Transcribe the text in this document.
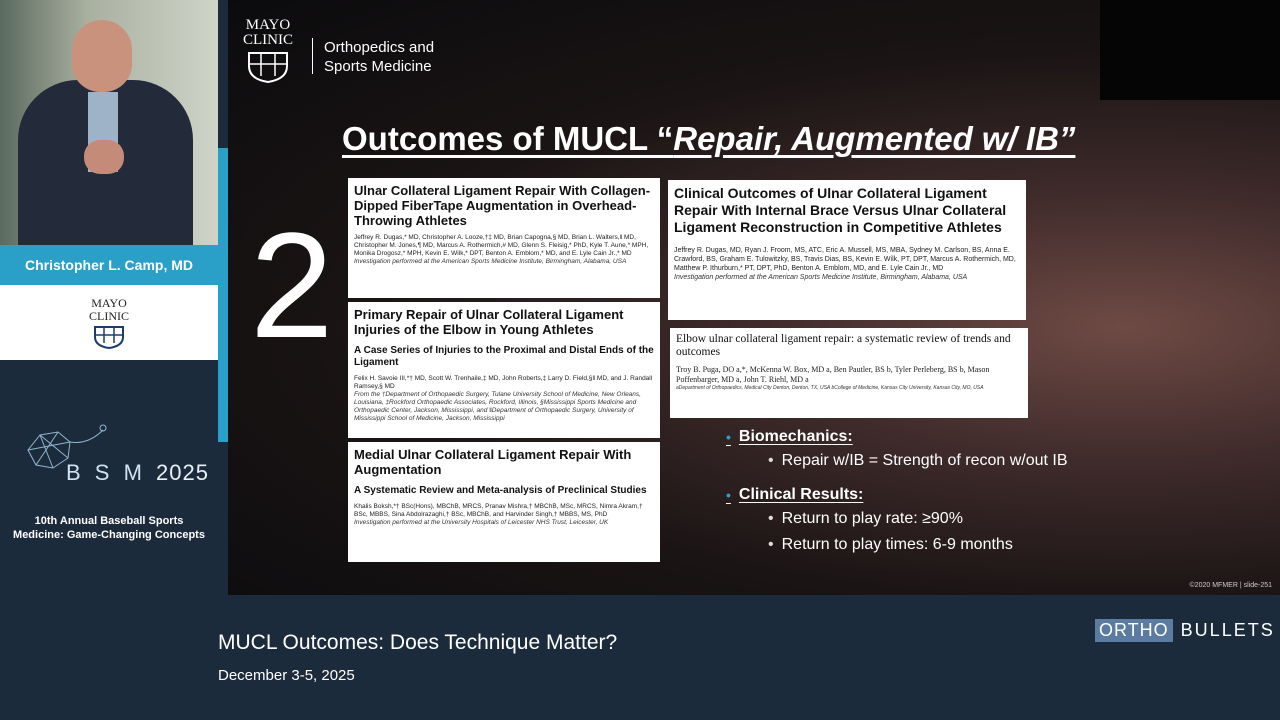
Christopher L. Camp, MD
MAYO
CLINIC
B S M 2025
10th Annual Baseball Sports
Medicine: Game-Changing Concepts
MAYO
CLINIC	Orthopedics and
Sports Medicine
Outcomes of MUCL “Repair, Augmented w/ IB”
2
Ulnar Collateral Ligament Repair With Collagen-Dipped FiberTape Augmentation in Overhead-Throwing Athletes
Jeffrey R. Dugas,* MD, Christopher A. Looze,†‡ MD, Brian Capogna,§ MD, Brian L. Walters,‖ MD, Christopher M. Jones,¶ MD, Marcus A. Rothermich,# MD, Glenn S. Fleisig,* PhD, Kyle T. Aune,* MPH, Monika Drogosz,* MPH, Kevin E. Wilk,* DPT, Benton A. Emblom,* MD, and E. Lyle Cain Jr.,* MD
Investigation performed at the American Sports Medicine Institute, Birmingham, Alabama, USA
Primary Repair of Ulnar Collateral Ligament Injuries of the Elbow in Young Athletes
A Case Series of Injuries to the Proximal and Distal Ends of the Ligament
Felix H. Savoie III,*† MD, Scott W. Trenhaile,‡ MD, John Roberts,‡ Larry D. Field,§‖ MD, and J. Randall Ramsey,§ MD
From the †Department of Orthopaedic Surgery, Tulane University School of Medicine, New Orleans, Louisiana, ‡Rockford Orthopaedic Associates, Rockford, Illinois, §Mississippi Sports Medicine and Orthopaedic Center, Jackson, Mississippi, and ‖Department of Orthopaedic Surgery, University of Mississippi School of Medicine, Jackson, Mississippi
Medial Ulnar Collateral Ligament Repair With Augmentation
A Systematic Review and Meta-analysis of Preclinical Studies
Khalis Boksh,*† BSc(Hons), MBChB, MRCS, Pranav Mishra,† MBChB, MSc, MRCS, Nimra Akram,† BSc, MBBS, Sina Abdolrazaghi,† BSc, MBChB, and Harvinder Singh,† MBBS, MS, PhD
Investigation performed at the University Hospitals of Leicester NHS Trust, Leicester, UK
Clinical Outcomes of Ulnar Collateral Ligament Repair With Internal Brace Versus Ulnar Collateral Ligament Reconstruction in Competitive Athletes
Jeffrey R. Dugas, MD, Ryan J. Froom, MS, ATC, Eric A. Mussell, MS, MBA, Sydney M. Carlson, BS, Anna E. Crawford, BS, Graham E. Tulowitzky, BS, Travis Dias, BS, Kevin E. Wilk, PT, DPT, Marcus A. Rothermich, MD, Matthew P. Ithurburn,* PT, DPT, PhD, Benton A. Emblom, MD, and E. Lyle Cain Jr., MD
Investigation performed at the American Sports Medicine Institute, Birmingham, Alabama, USA
Elbow ulnar collateral ligament repair: a systematic review of trends and outcomes
Troy B. Puga, DO a,*, McKenna W. Box, MD a, Ben Pautler, BS b, Tyler Perleberg, BS b, Mason Poffenbarger, MD a, John T. Riehl, MD a
aDepartment of Orthopaedics, Medical City Denton, Denton, TX, USA bCollege of Medicine, Kansas City University, Kansas City, MO, USA
• Biomechanics:
• Repair w/IB = Strength of recon w/out IB
• Clinical Results:
• Return to play rate: ≥90%
• Return to play times: 6-9 months
©2020 MFMER | slide-251
MUCL Outcomes: Does Technique Matter?
December 3-5, 2025
ORTHO BULLETS
